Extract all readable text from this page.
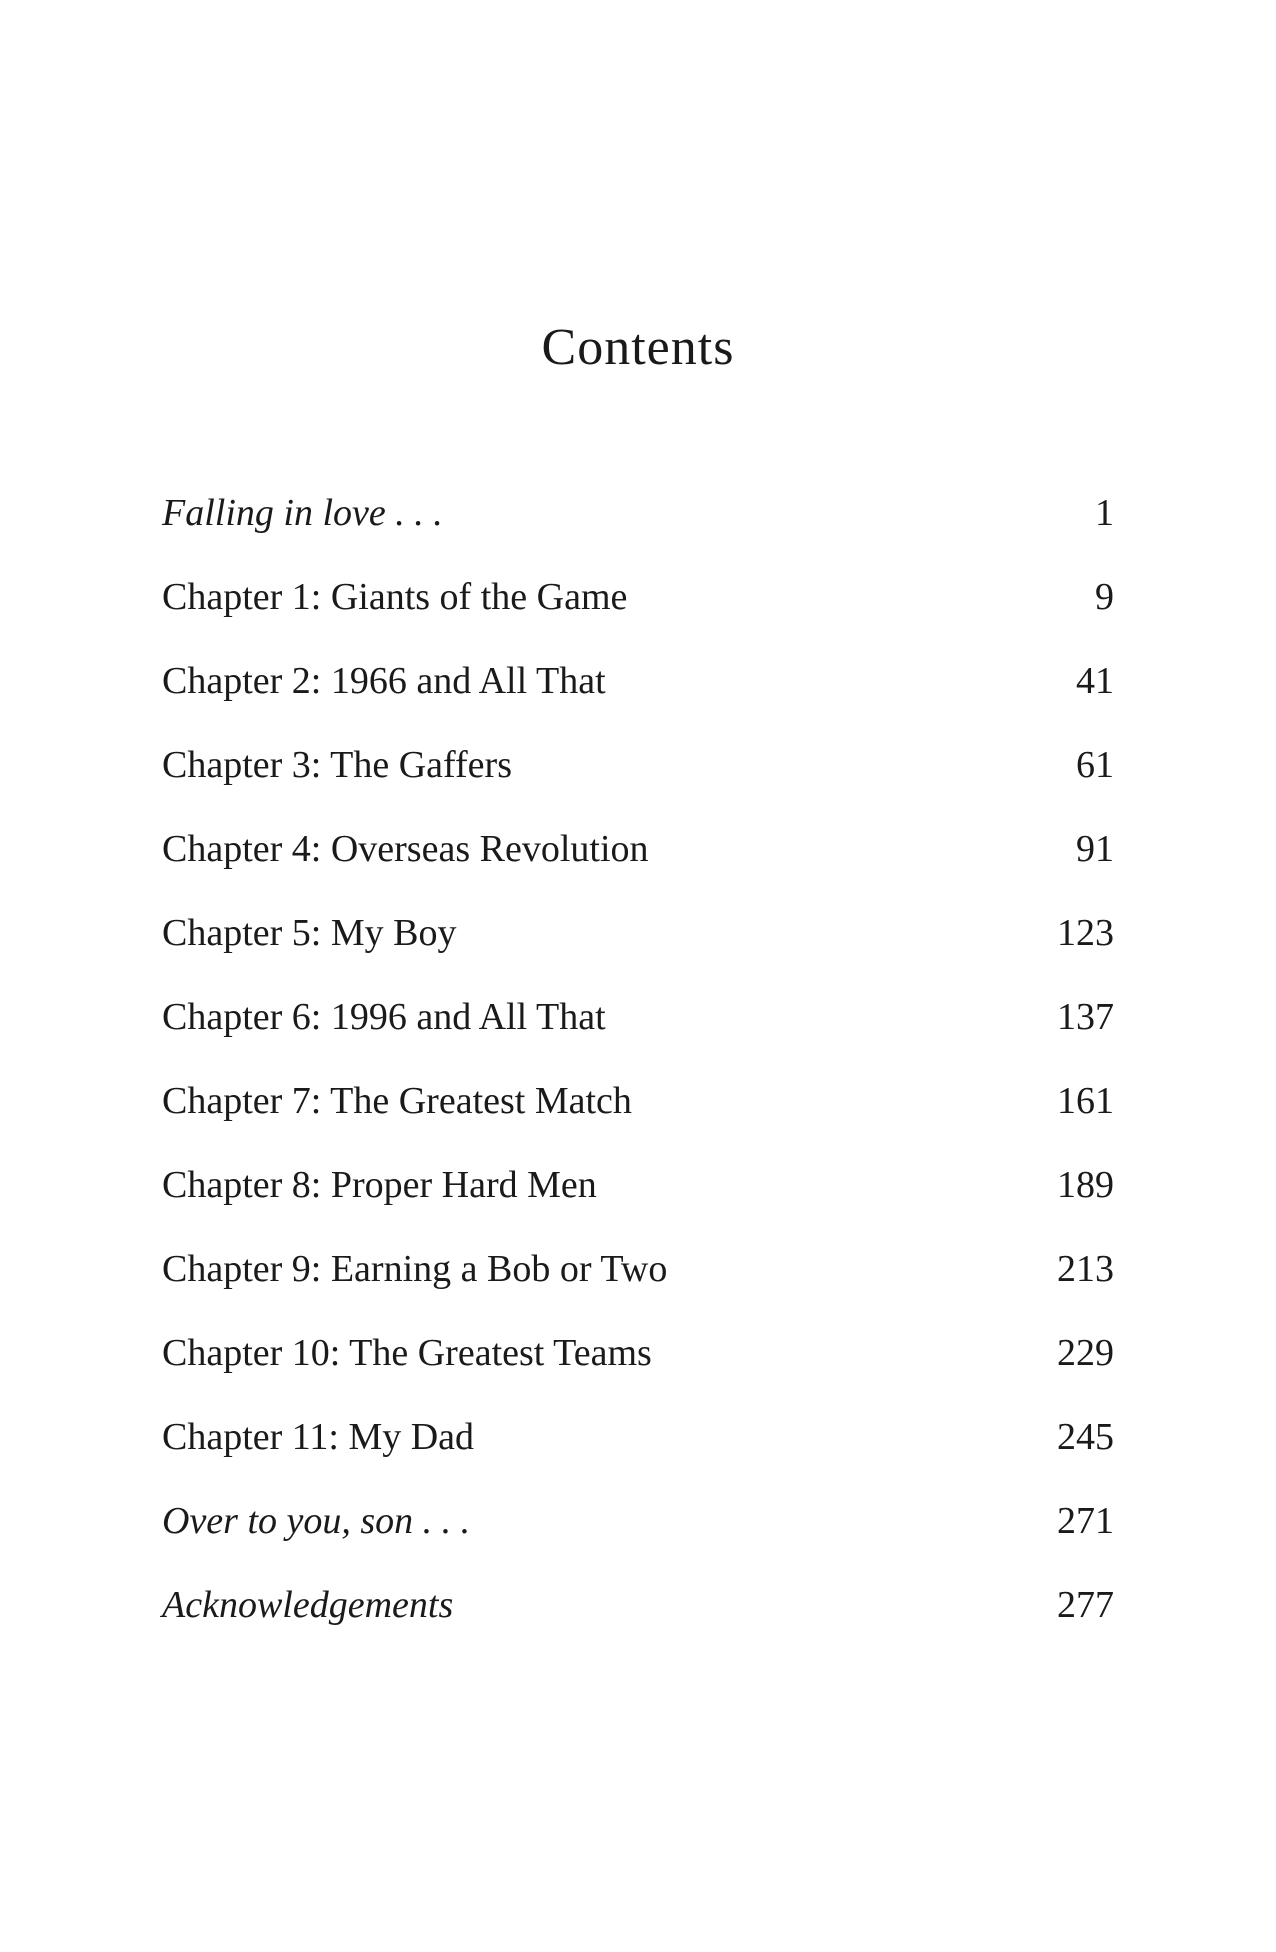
Contents
Falling in love . . .	1
Chapter 1: Giants of the Game	9
Chapter 2: 1966 and All That	41
Chapter 3: The Gaffers	61
Chapter 4: Overseas Revolution	91
Chapter 5: My Boy	123
Chapter 6: 1996 and All That	137
Chapter 7: The Greatest Match	161
Chapter 8: Proper Hard Men	189
Chapter 9: Earning a Bob or Two	213
Chapter 10: The Greatest Teams	229
Chapter 11: My Dad	245
Over to you, son . . .	271
Acknowledgements	277
